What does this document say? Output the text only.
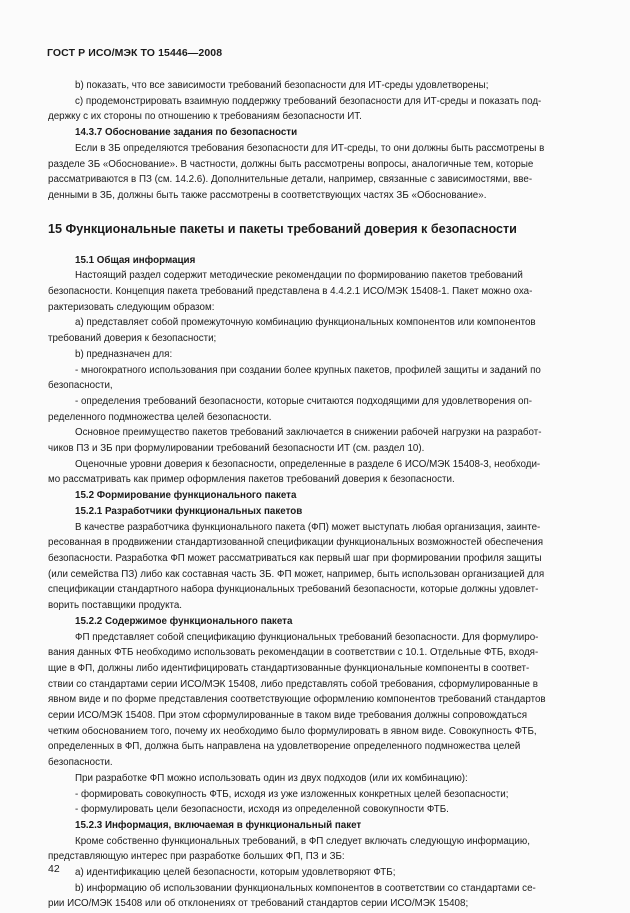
ГОСТ Р ИСО/МЭК ТО 15446—2008
b) показать, что все зависимости требований безопасности для ИТ-среды удовлетворены;
с) продемонстрировать взаимную поддержку требований безопасности для ИТ-среды и показать под-
держку с их стороны по отношению к требованиям безопасности ИТ.
14.3.7 Обоснование задания по безопасности
Если в ЗБ определяются требования безопасности для ИТ-среды, то они должны быть рассмотрены в
разделе ЗБ «Обоснование». В частности, должны быть рассмотрены вопросы, аналогичные тем, которые
рассматриваются в ПЗ (см. 14.2.6). Дополнительные детали, например, связанные с зависимостями, вве-
денными в ЗБ, должны быть также рассмотрены в соответствующих частях ЗБ «Обоснование».
15 Функциональные пакеты и пакеты требований доверия к безопасности
15.1 Общая информация
Настоящий раздел содержит методические рекомендации по формированию пакетов требований
безопасности. Концепция пакета требований представлена в 4.4.2.1 ИСО/МЭК 15408-1. Пакет можно оха-
рактеризовать следующим образом:
а) представляет собой промежуточную комбинацию функциональных компонентов или компонентов
требований доверия к безопасности;
b) предназначен для:
- многократного использования при создании более крупных пакетов, профилей защиты и заданий по
безопасности,
- определения требований безопасности, которые считаются подходящими для удовлетворения оп-
ределенного подмножества целей безопасности.
Основное преимущество пакетов требований заключается в снижении рабочей нагрузки на разработ-
чиков ПЗ и ЗБ при формулировании требований безопасности ИТ (см. раздел 10).
Оценочные уровни доверия к безопасности, определенные в разделе 6 ИСО/МЭК 15408-3, необходи-
мо рассматривать как пример оформления пакетов требований доверия к безопасности.
15.2 Формирование функционального пакета
15.2.1 Разработчики функциональных пакетов
В качестве разработчика функционального пакета (ФП) может выступать любая организация, заинте-
ресованная в продвижении стандартизованной спецификации функциональных возможностей обеспечения
безопасности. Разработка ФП может рассматриваться как первый шаг при формировании профиля защиты
(или семейства ПЗ) либо как составная часть ЗБ. ФП может, например, быть использован организацией для
спецификации стандартного набора функциональных требований безопасности, которые должны удовлет-
ворить поставщики продукта.
15.2.2 Содержимое функционального пакета
ФП представляет собой спецификацию функциональных требований безопасности. Для формулиро-
вания данных ФТБ необходимо использовать рекомендации в соответствии с 10.1. Отдельные ФТБ, входя-
щие в ФП, должны либо идентифицировать стандартизованные функциональные компоненты в соответ-
ствии со стандартами серии ИСО/МЭК 15408, либо представлять собой требования, сформулированные в
явном виде и по форме представления соответствующие оформлению компонентов требований стандартов
серии ИСО/МЭК 15408. При этом сформулированные в таком виде требования должны сопровождаться
четким обоснованием того, почему их необходимо было формулировать в явном виде. Совокупность ФТБ,
определенных в ФП, должна быть направлена на удовлетворение определенного подмножества целей
безопасности.
При разработке ФП можно использовать один из двух подходов (или их комбинацию):
- формировать совокупность ФТБ, исходя из уже изложенных конкретных целей безопасности;
- формулировать цели безопасности, исходя из определенной совокупности ФТБ.
15.2.3 Информация, включаемая в функциональный пакет
Кроме собственно функциональных требований, в ФП следует включать следующую информацию,
представляющую интерес при разработке больших ФП, ПЗ и ЗБ:
а) идентификацию целей безопасности, которым удовлетворяют ФТБ;
b) информацию об использовании функциональных компонентов в соответствии со стандартами се-
рии ИСО/МЭК 15408 или об отклонениях от требований стандартов серии ИСО/МЭК 15408;
42
